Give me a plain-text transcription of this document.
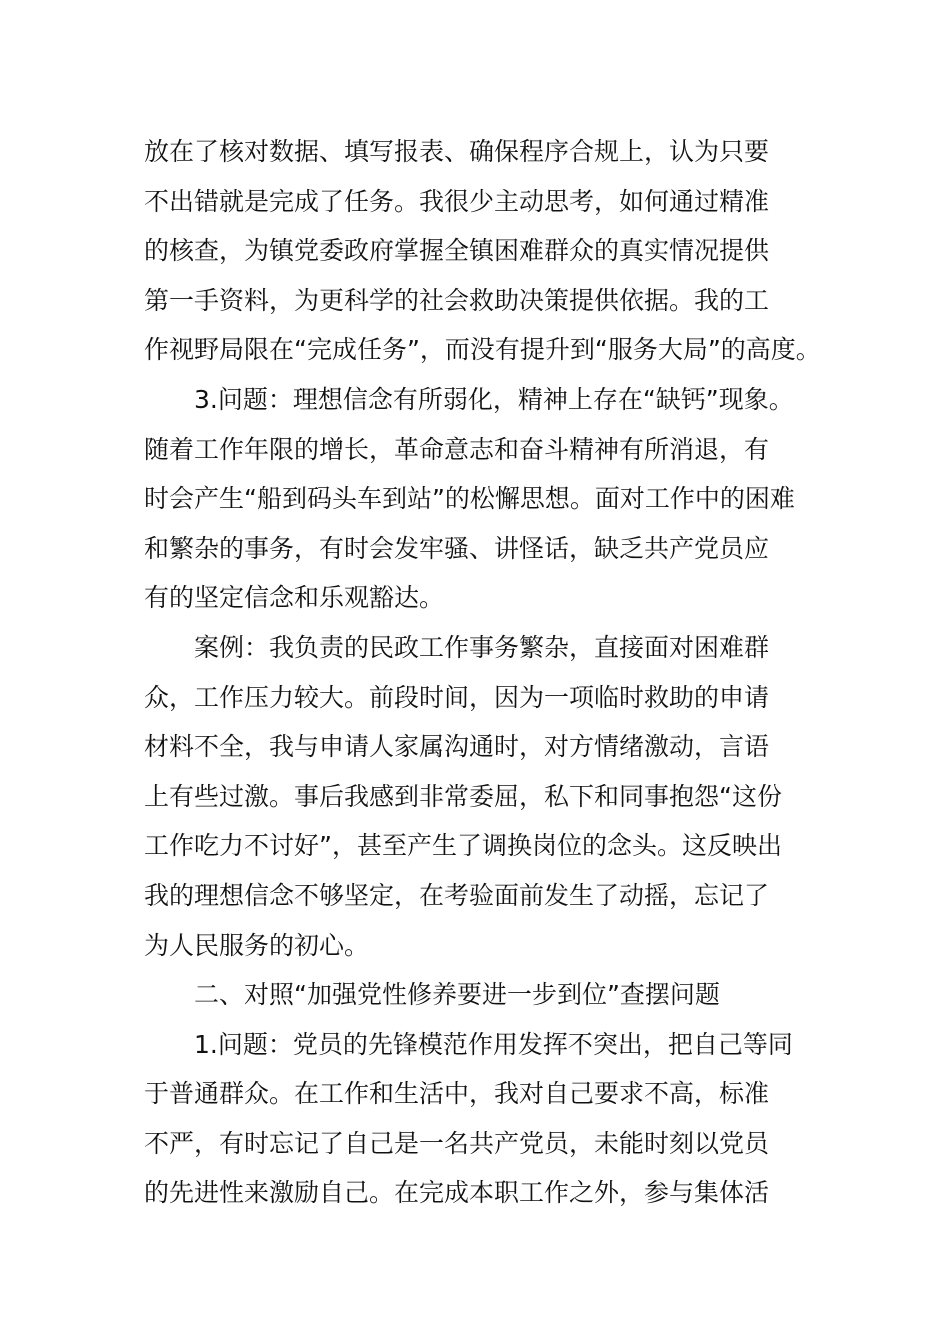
放在了核对数据、填写报表、确保程序合规上，认为只要
不出错就是完成了任务。我很少主动思考，如何通过精准
的核查，为镇党委政府掌握全镇困难群众的真实情况提供
第一手资料，为更科学的社会救助决策提供依据。我的工
作视野局限在“完成任务”，而没有提升到“服务大局”的高度。
3.问题：理想信念有所弱化，精神上存在“缺钙”现象。
随着工作年限的增长，革命意志和奋斗精神有所消退，有
时会产生“船到码头车到站”的松懈思想。面对工作中的困难
和繁杂的事务，有时会发牢骚、讲怪话，缺乏共产党员应
有的坚定信念和乐观豁达。
案例：我负责的民政工作事务繁杂，直接面对困难群
众，工作压力较大。前段时间，因为一项临时救助的申请
材料不全，我与申请人家属沟通时，对方情绪激动，言语
上有些过激。事后我感到非常委屈，私下和同事抱怨“这份
工作吃力不讨好”，甚至产生了调换岗位的念头。这反映出
我的理想信念不够坚定，在考验面前发生了动摇，忘记了
为人民服务的初心。
二、对照“加强党性修养要进一步到位”查摆问题
1.问题：党员的先锋模范作用发挥不突出，把自己等同
于普通群众。在工作和生活中，我对自己要求不高，标准
不严，有时忘记了自己是一名共产党员，未能时刻以党员
的先进性来激励自己。在完成本职工作之外，参与集体活
